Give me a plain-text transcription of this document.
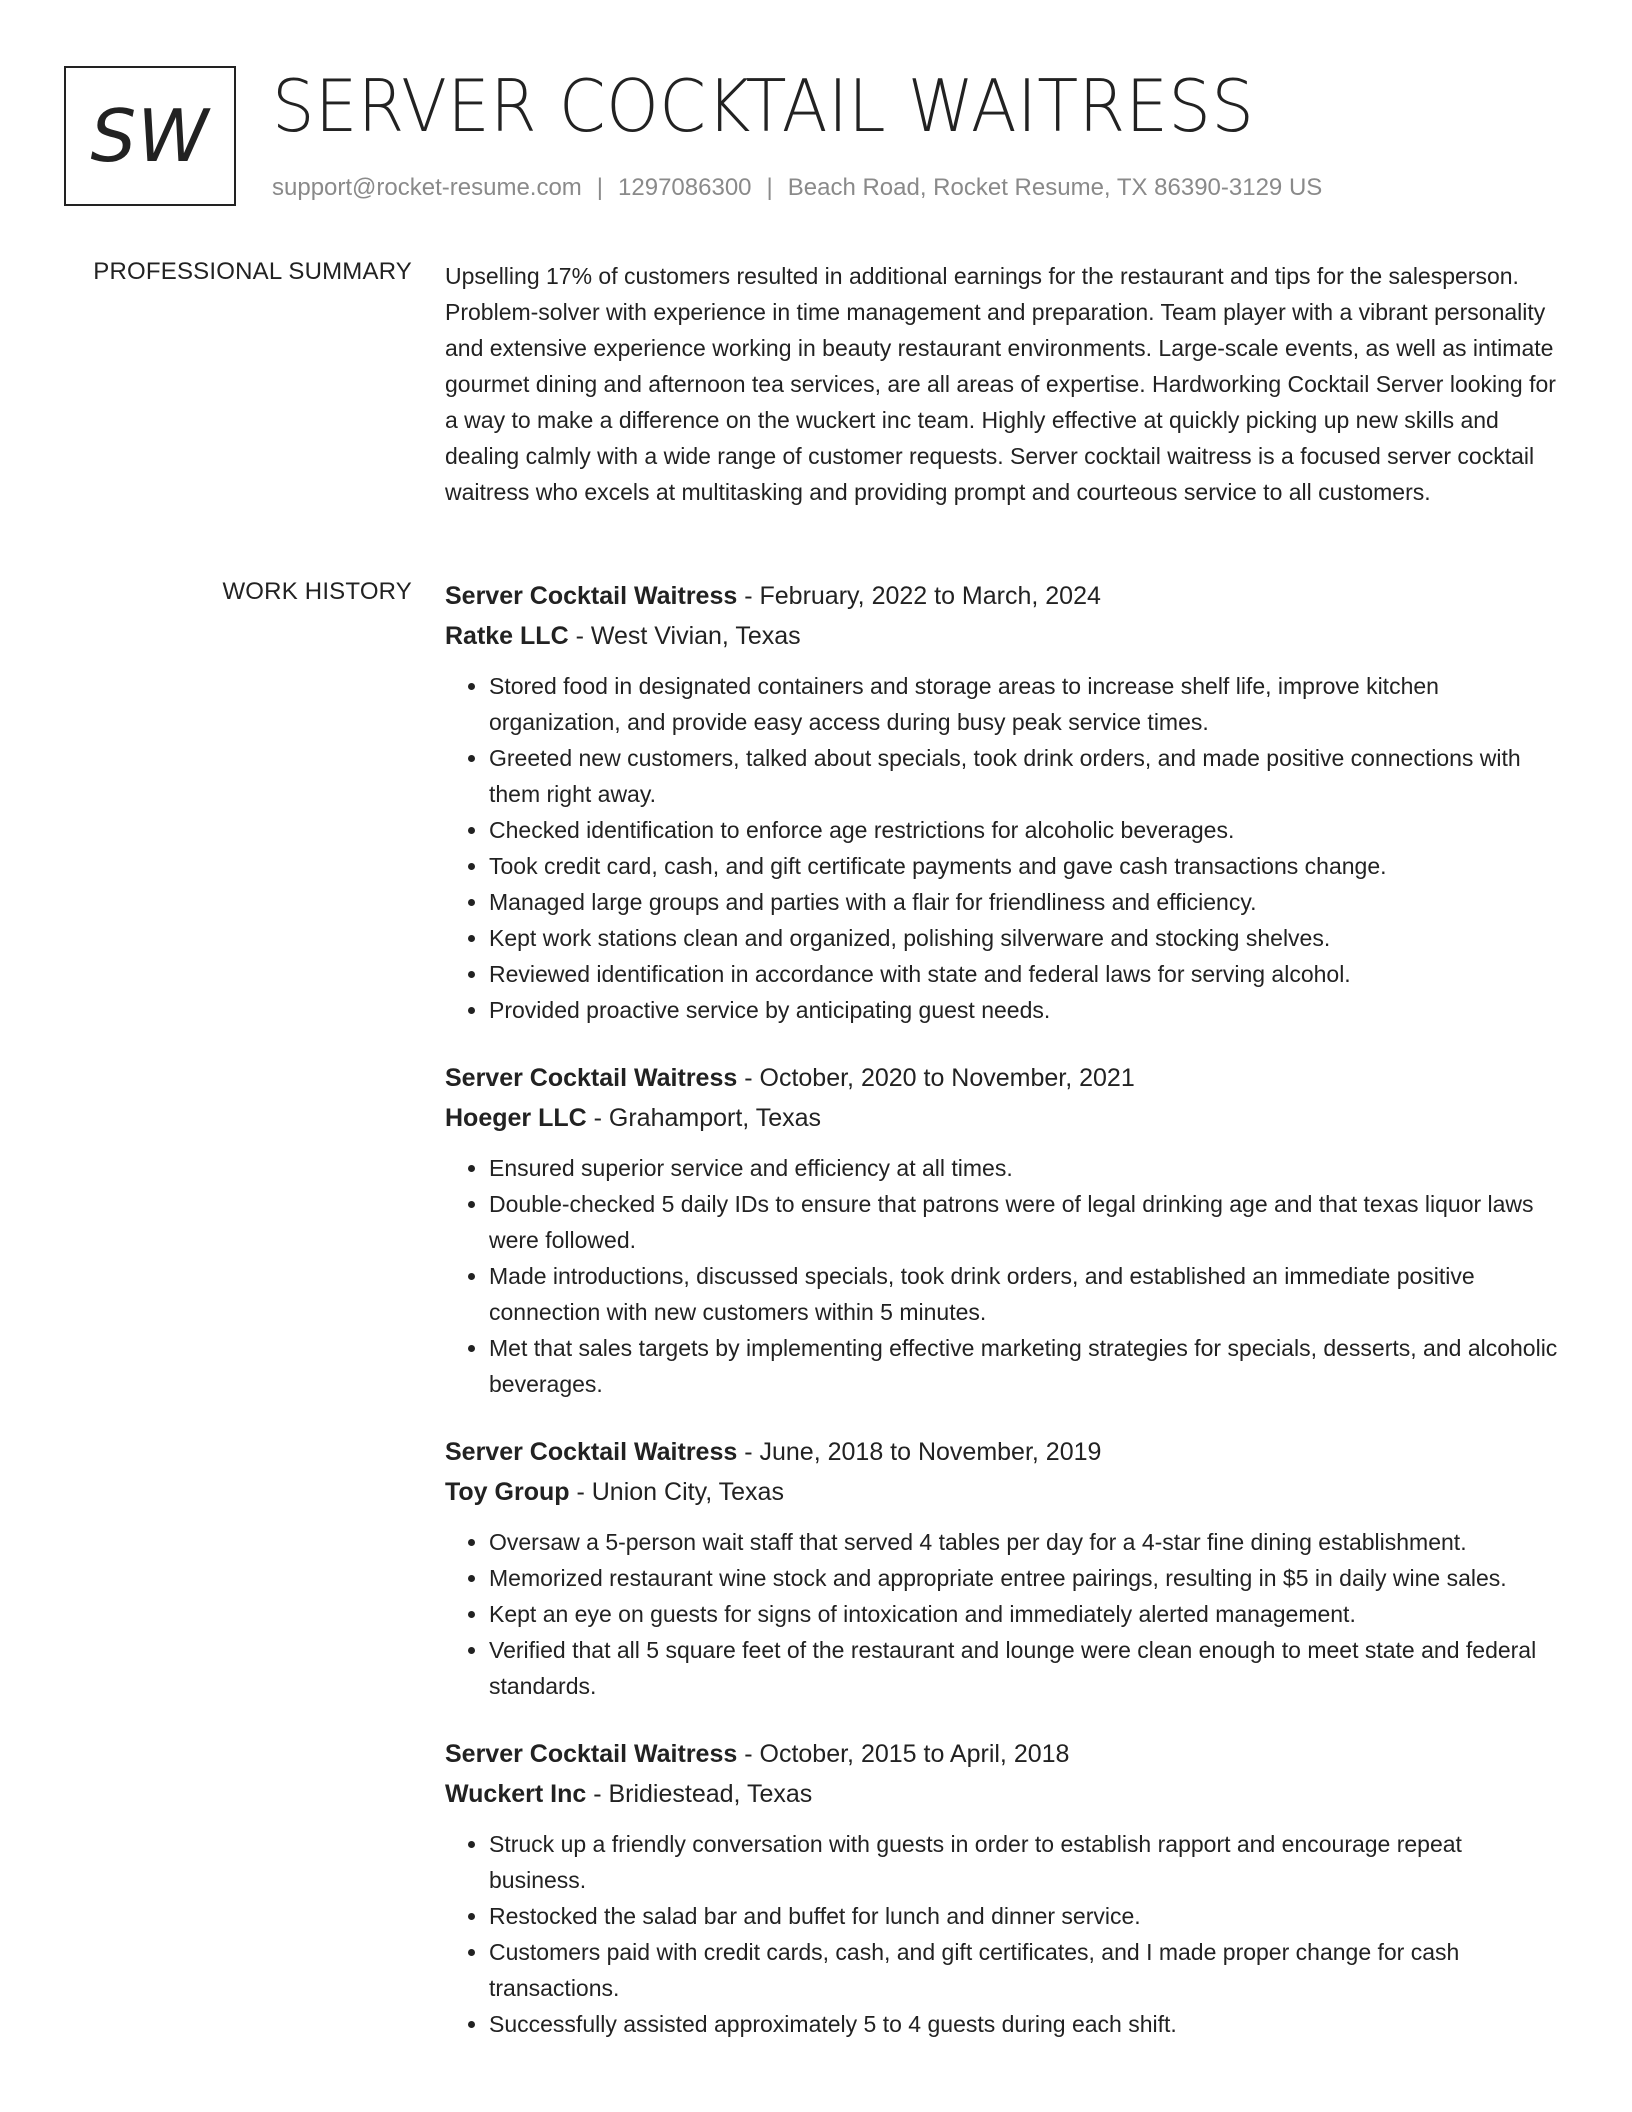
SW SERVER COCKTAIL WAITRESS
support@rocket-resume.com | 1297086300 | Beach Road, Rocket Resume, TX 86390-3129 US
PROFESSIONAL SUMMARY Upselling 17% of customers resulted in additional earnings for the restaurant and tips for the salesperson. Problem-solver with experience in time management and preparation. Team player with a vibrant personality and extensive experience working in beauty restaurant environments. Large-scale events, as well as intimate gourmet dining and afternoon tea services, are all areas of expertise. Hardworking Cocktail Server looking for a way to make a difference on the wuckert inc team. Highly effective at quickly picking up new skills and dealing calmly with a wide range of customer requests. Server cocktail waitress is a focused server cocktail waitress who excels at multitasking and providing prompt and courteous service to all customers.

WORK HISTORY Server Cocktail Waitress - February, 2022 to March, 2024

Ratke LLC - West Vivian, Texas

• Stored food in designated containers and storage areas to increase shelf life, improve kitchen organization, and provide easy access during busy peak service times.
• Greeted new customers, talked about specials, took drink orders, and made positive connections with them right away.
• Checked identification to enforce age restrictions for alcoholic beverages.
• Took credit card, cash, and gift certificate payments and gave cash transactions change.
• Managed large groups and parties with a flair for friendliness and efficiency.
• Kept work stations clean and organized, polishing silverware and stocking shelves.
• Reviewed identification in accordance with state and federal laws for serving alcohol.
• Provided proactive service by anticipating guest needs.

Server Cocktail Waitress - October, 2020 to November, 2021

Hoeger LLC - Grahamport, Texas

• Ensured superior service and efficiency at all times.
• Double-checked 5 daily IDs to ensure that patrons were of legal drinking age and that texas liquor laws were followed.
• Made introductions, discussed specials, took drink orders, and established an immediate positive connection with new customers within 5 minutes.
• Met that sales targets by implementing effective marketing strategies for specials, desserts, and alcoholic beverages.

Server Cocktail Waitress - June, 2018 to November, 2019

Toy Group - Union City, Texas

• Oversaw a 5-person wait staff that served 4 tables per day for a 4-star fine dining establishment.
• Memorized restaurant wine stock and appropriate entree pairings, resulting in $5 in daily wine sales.
• Kept an eye on guests for signs of intoxication and immediately alerted management.
• Verified that all 5 square feet of the restaurant and lounge were clean enough to meet state and federal standards.

Server Cocktail Waitress - October, 2015 to April, 2018

Wuckert Inc - Bridiestead, Texas

• Struck up a friendly conversation with guests in order to establish rapport and encourage repeat business.
• Restocked the salad bar and buffet for lunch and dinner service.
• Customers paid with credit cards, cash, and gift certificates, and I made proper change for cash transactions.
• Successfully assisted approximately 5 to 4 guests during each shift.
